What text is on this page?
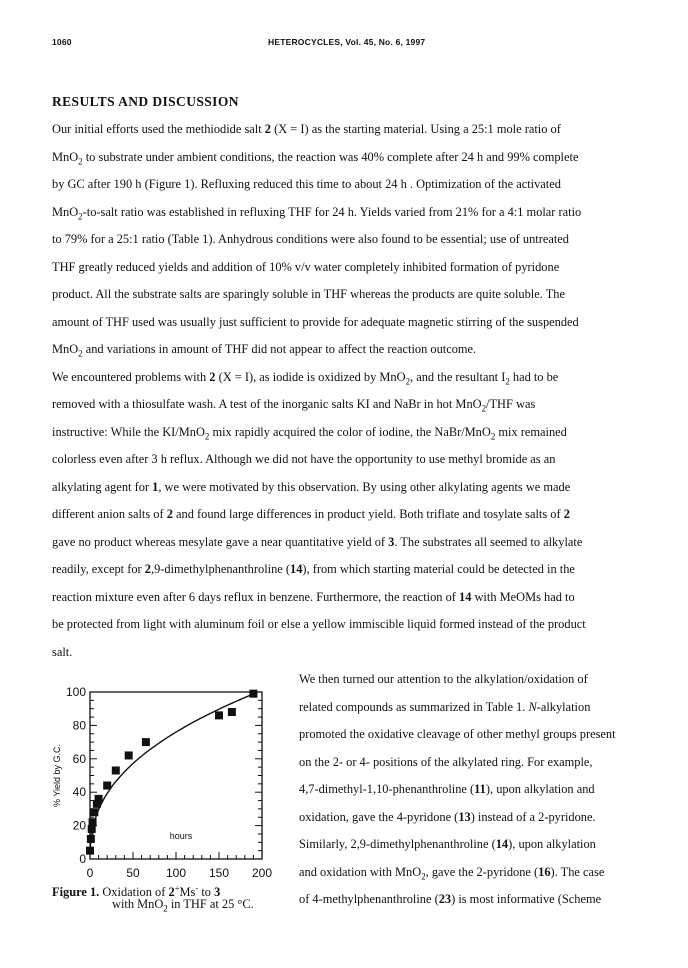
1060	HETEROCYCLES, Vol. 45, No. 6, 1997
RESULTS AND DISCUSSION
Our initial efforts used the methiodide salt 2 (X = I) as the starting material. Using a 25:1 mole ratio of
MnO$_2$ to substrate under ambient conditions, the reaction was 40% complete after 24 h and 99% complete
by GC after 190 h (Figure 1). Refluxing reduced this time to about 24 h . Optimization of the activated
MnO$_2$-to-salt ratio was established in refluxing THF for 24 h. Yields varied from 21% for a 4:1 molar ratio
to 79% for a 25:1 ratio (Table 1). Anhydrous conditions were also found to be essential; use of untreated
THF greatly reduced yields and addition of 10% v/v water completely inhibited formation of pyridone
product. All the substrate salts are sparingly soluble in THF whereas the products are quite soluble. The
amount of THF used was usually just sufficient to provide for adequate magnetic stirring of the suspended
MnO$_2$ and variations in amount of THF did not appear to affect the reaction outcome.
We encountered problems with 2 (X = I), as iodide is oxidized by MnO$_2$, and the resultant $I_2$ had to be
removed with a thiosulfate wash. A test of the inorganic salts KI and NaBr in hot MnO$_2$/THF was
instructive: While the KI/MnO$_2$ mix rapidly acquired the color of iodine, the NaBr/MnO$_2$ mix remained
colorless even after 3 h reflux. Although we did not have the opportunity to use methyl bromide as an
alkylating agent for 1, we were motivated by this observation. By using other alkylating agents we made
different anion salts of 2 and found large differences in product yield. Both triflate and tosylate salts of 2
gave no product whereas mesylate gave a near quantitative yield of 3. The substrates all seemed to alkylate
readily, except for 2,9-dimethylphenanthroline (14), from which starting material could be detected in the
reaction mixture even after 6 days reflux in benzene. Furthermore, the reaction of 14 with MeOMs had to
be protected from light with aluminum foil or else a yellow immiscible liquid formed instead of the product
salt.
We then turned our attention to the alkylation/oxidation of
related compounds as summarized in Table 1. N-alkylation
promoted the oxidative cleavage of other methyl groups present
on the 2- or 4- positions of the alkylated ring. For example,
4,7-dimethyl-1,10-phenanthroline (11), upon alkylation and
oxidation, gave the 4-pyridone (13) instead of a 2-pyridone.
Similarly, 2,9-dimethylphenanthroline (14), upon alkylation
and oxidation with MnO$_2$, gave the 2-pyridone (16). The case
of 4-methylphenanthroline (23) is most informative (Scheme
0
20
40
60
80
100
0	50 100 150 200
hours
% Yield by G.C.
Figure 1. Oxidation of 2+Ms- to 3
with MnO$_2$ in THF at 25 °C.
